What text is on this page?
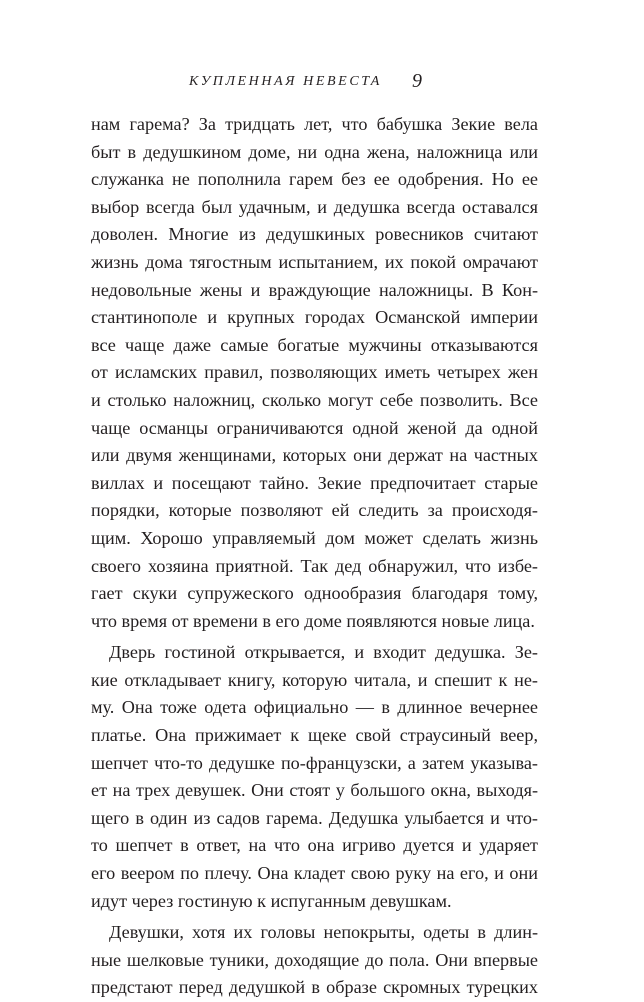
КУПЛЕННАЯ НЕВЕСТА 9
нам гарема? За тридцать лет, что бабушка Зекие вела
быт в дедушкином доме, ни одна жена, наложница или
служанка не пополнила гарем без ее одобрения. Но ее
выбор всегда был удачным, и дедушка всегда оставался
доволен. Многие из дедушкиных ровесников считают
жизнь дома тягостным испытанием, их покой омрачают
недовольные жены и враждующие наложницы. В Кон-
стантинополе и крупных городах Османской империи
все чаще даже самые богатые мужчины отказываются
от исламских правил, позволяющих иметь четырех жен
и столько наложниц, сколько могут себе позволить. Все
чаще османцы ограничиваются одной женой да одной
или двумя женщинами, которых они держат на частных
виллах и посещают тайно. Зекие предпочитает старые
порядки, которые позволяют ей следить за происходя-
щим. Хорошо управляемый дом может сделать жизнь
своего хозяина приятной. Так дед обнаружил, что избе-
гает скуки супружеского однообразия благодаря тому,
что время от времени в его доме появляются новые лица.
Дверь гостиной открывается, и входит дедушка. Зе-
кие откладывает книгу, которую читала, и спешит к не-
му. Она тоже одета официально — в длинное вечернее
платье. Она прижимает к щеке свой страусиный веер,
шепчет что-то дедушке по-французски, а затем указыва-
ет на трех девушек. Они стоят у большого окна, выходя-
щего в один из садов гарема. Дедушка улыбается и что-
то шепчет в ответ, на что она игриво дуется и ударяет
его веером по плечу. Она кладет свою руку на его, и они
идут через гостиную к испуганным девушкам.
Девушки, хотя их головы непокрыты, одеты в длин-
ные шелковые туники, доходящие до пола. Они впервые
предстают перед дедушкой в образе скромных турецких
